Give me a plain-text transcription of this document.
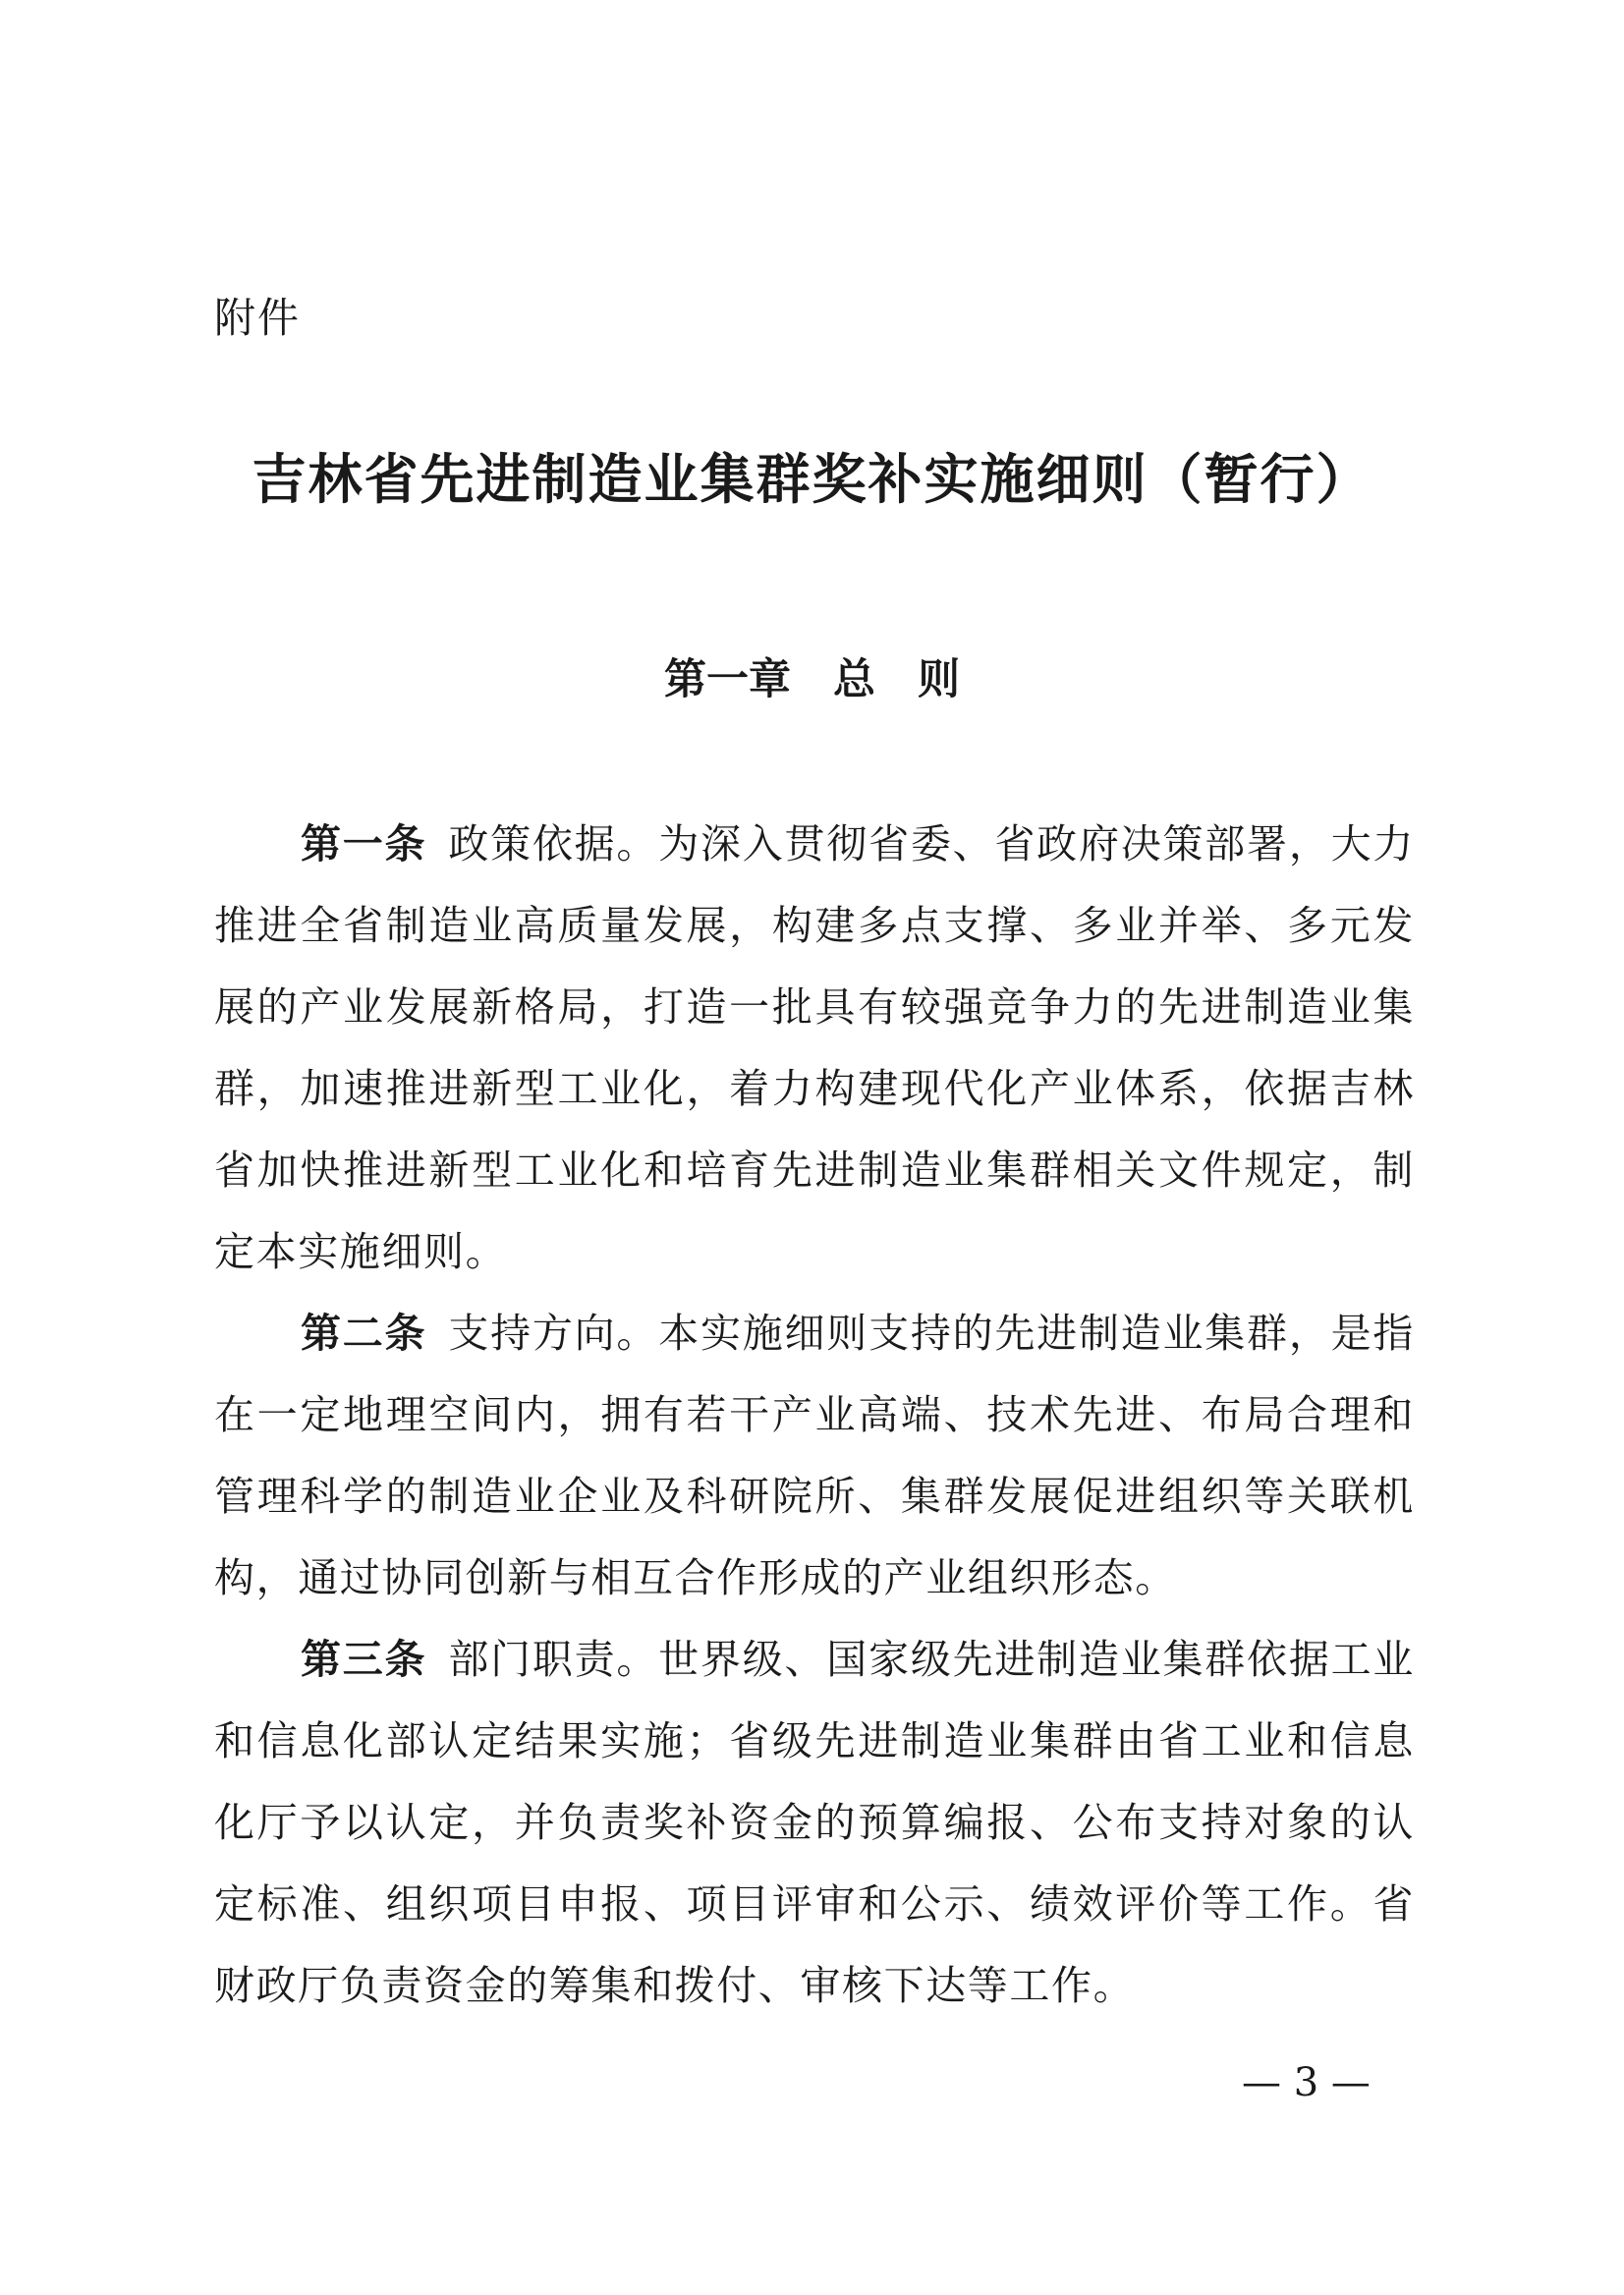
附件
吉林省先进制造业集群奖补实施细则（暂行）
第一章　总　则

第一条 政策依据。为深入贯彻省委、省政府决策部署，大力推进全省制造业高质量发展，构建多点支撑、多业并举、多元发展的产业发展新格局，打造一批具有较强竞争力的先进制造业集群，加速推进新型工业化，着力构建现代化产业体系，依据吉林省加快推进新型工业化和培育先进制造业集群相关文件规定，制定本实施细则。

第二条 支持方向。本实施细则支持的先进制造业集群，是指在一定地理空间内，拥有若干产业高端、技术先进、布局合理和管理科学的制造业企业及科研院所、集群发展促进组织等关联机构，通过协同创新与相互合作形成的产业组织形态。

第三条 部门职责。世界级、国家级先进制造业集群依据工业和信息化部认定结果实施；省级先进制造业集群由省工业和信息化厅予以认定，并负责奖补资金的预算编报、公布支持对象的认定标准、组织项目申报、项目评审和公示、绩效评价等工作。省财政厅负责资金的筹集和拨付、审核下达等工作。

— 3 —
